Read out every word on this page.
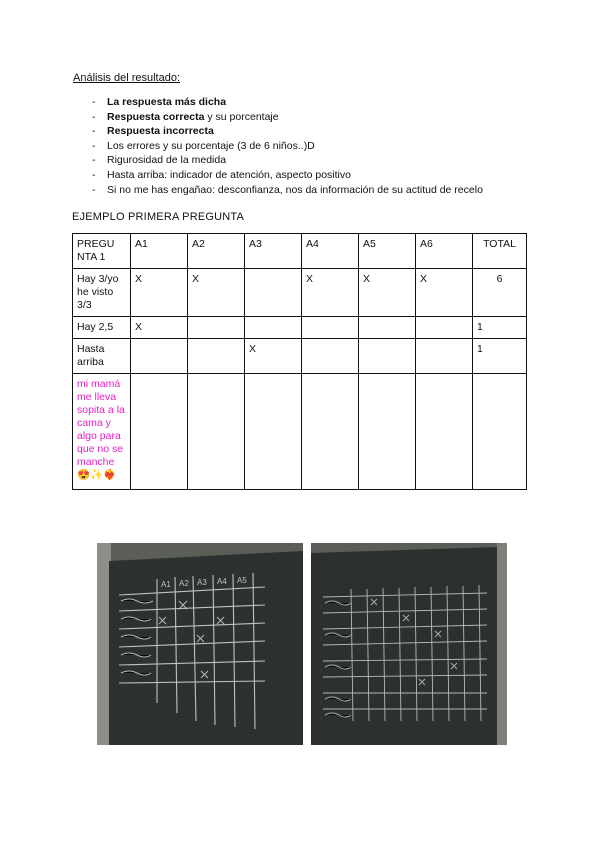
Análisis del resultado:
- La respuesta más dicha
- Respuesta correcta y su porcentaje
- Respuesta incorrecta
- Los errores y su porcentaje (3 de 6 niños..)D
- Rigurosidad de la medida
- Hasta arriba: indicador de atención, aspecto positivo
- Si no me has engañao: desconfianza, nos da información de su actitud de recelo
EJEMPLO PRIMERA PREGUNTA
PREGU NTA 1	A1	A2	A3	A4	A5	A6	TOTAL
Hay 3/yo he visto 3/3	X	X		X	X	X	6
Hay 2,5	X						1
Hasta arriba			X				1
mi mamá me lleva sopita a la cama y algo para que no se manche 😍✨❤️‍🔥							
A1 A2 A3 A4 A5
